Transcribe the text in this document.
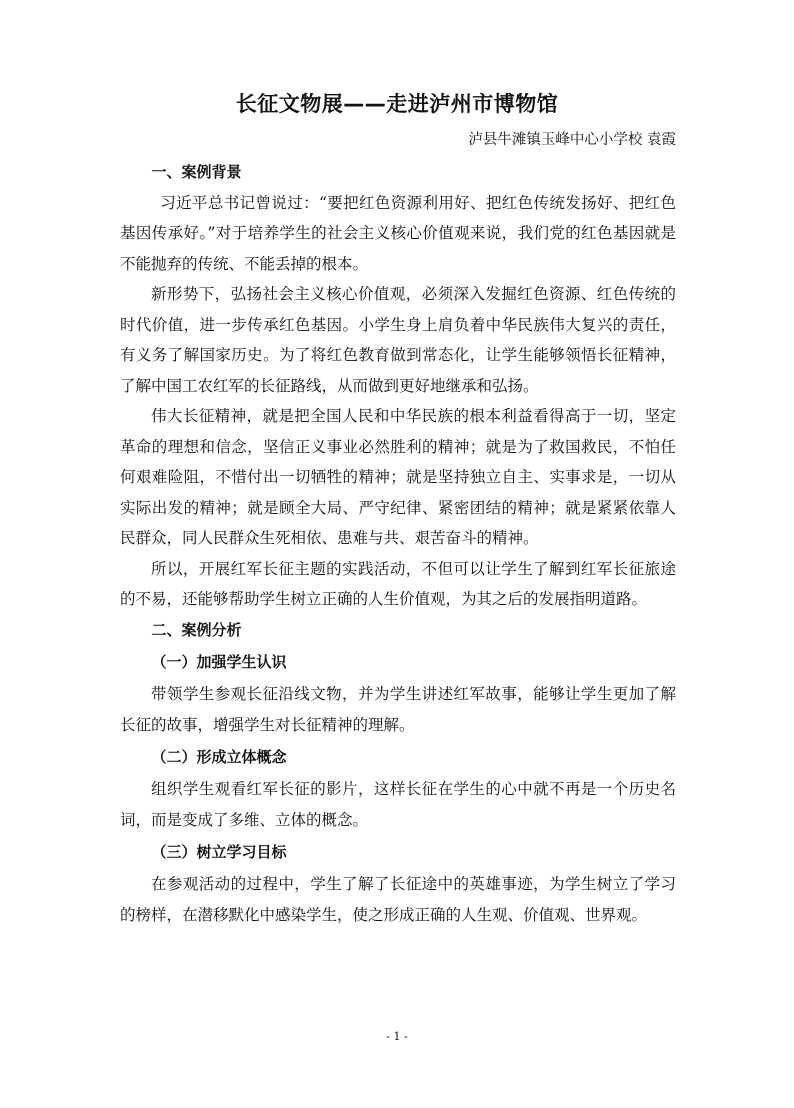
长征文物展——走进泸州市博物馆
泸县牛滩镇玉峰中心小学校 袁霞
一、案例背景

习近平总书记曾说过：“要把红色资源利用好、把红色传统发扬好、把红色基因传承好。”对于培养学生的社会主义核心价值观来说，我们党的红色基因就是不能抛弃的传统、不能丢掉的根本。

新形势下，弘扬社会主义核心价值观，必须深入发掘红色资源、红色传统的时代价值，进一步传承红色基因。小学生身上肩负着中华民族伟大复兴的责任，有义务了解国家历史。为了将红色教育做到常态化，让学生能够领悟长征精神，了解中国工农红军的长征路线，从而做到更好地继承和弘扬。

伟大长征精神，就是把全国人民和中华民族的根本利益看得高于一切，坚定革命的理想和信念，坚信正义事业必然胜利的精神；就是为了救国救民，不怕任何艰难险阻，不惜付出一切牺牲的精神；就是坚持独立自主、实事求是，一切从实际出发的精神；就是顾全大局、严守纪律、紧密团结的精神；就是紧紧依靠人民群众，同人民群众生死相依、患难与共、艰苦奋斗的精神。

所以，开展红军长征主题的实践活动，不但可以让学生了解到红军长征旅途的不易，还能够帮助学生树立正确的人生价值观，为其之后的发展指明道路。

二、案例分析
（一）加强学生认识

带领学生参观长征沿线文物，并为学生讲述红军故事，能够让学生更加了解长征的故事，增强学生对长征精神的理解。

（二）形成立体概念

组织学生观看红军长征的影片，这样长征在学生的心中就不再是一个历史名词，而是变成了多维、立体的概念。

（三）树立学习目标

在参观活动的过程中，学生了解了长征途中的英雄事迹，为学生树立了学习的榜样，在潜移默化中感染学生，使之形成正确的人生观、价值观、世界观。

- 1 -
